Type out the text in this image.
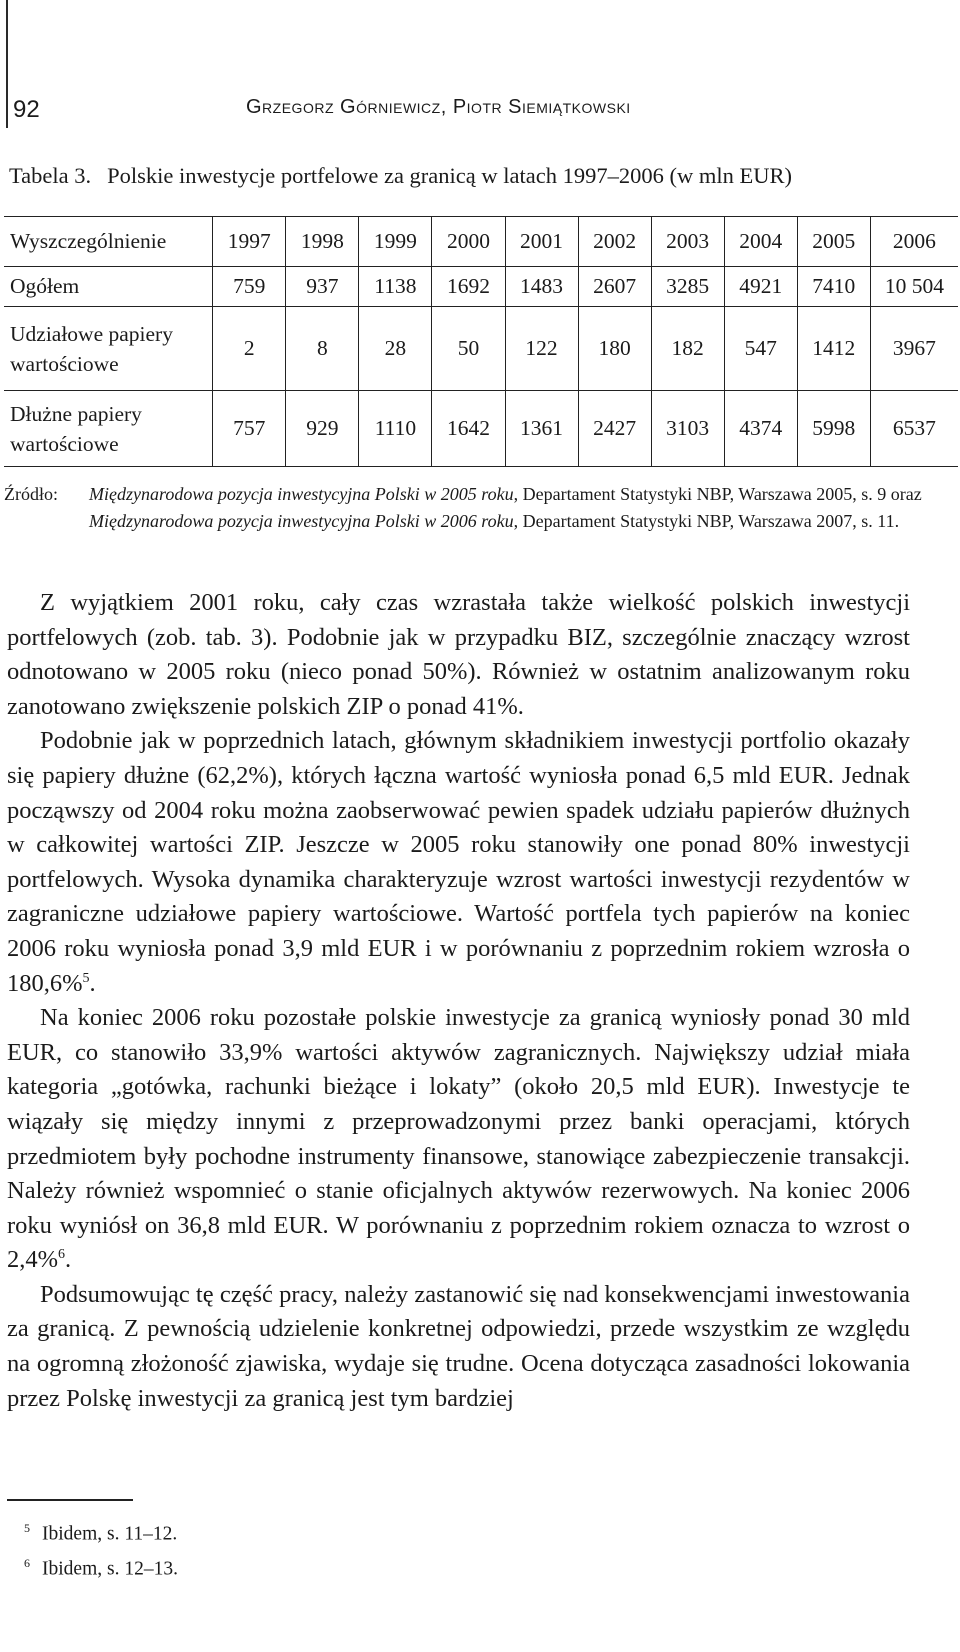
92	Grzegorz Górniewicz, Piotr Siemiątkowski
Tabela 3. Polskie inwestycje portfelowe za granicą w latach 1997–2006 (w mln EUR)
Wyszczególnienie	1997	1998	1999	2000	2001	2002	2003	2004	2005	2006
Ogółem	759	937	1138	1692	1483	2607	3285	4921	7410	10 504
Udziałowe papiery wartościowe	2	8	28	50	122	180	182	547	1412	3967
Dłużne papiery wartościowe	757	929	1110	1642	1361	2427	3103	4374	5998	6537
Źródło: Międzynarodowa pozycja inwestycyjna Polski w 2005 roku, Departament Statystyki NBP, Warszawa 2005, s. 9 oraz Międzynarodowa pozycja inwestycyjna Polski w 2006 roku, Departament Statystyki NBP, Warszawa 2007, s. 11.

Z wyjątkiem 2001 roku, cały czas wzrastała także wielkość polskich inwestycji portfelowych (zob. tab. 3). Podobnie jak w przypadku BIZ, szczególnie znaczący wzrost odnotowano w 2005 roku (nieco ponad 50%). Również w ostatnim analizowanym roku zanotowano zwiększenie polskich ZIP o ponad 41%.

Podobnie jak w poprzednich latach, głównym składnikiem inwestycji portfolio okazały się papiery dłużne (62,2%), których łączna wartość wyniosła ponad 6,5 mld EUR. Jednak począwszy od 2004 roku można zaobserwować pewien spadek udziału papierów dłużnych w całkowitej wartości ZIP. Jeszcze w 2005 roku stanowiły one ponad 80% inwestycji portfelowych. Wysoka dynamika charakteryzuje wzrost wartości inwestycji rezydentów w zagraniczne udziałowe papiery wartościowe. Wartość portfela tych papierów na koniec 2006 roku wyniosła ponad 3,9 mld EUR i w porównaniu z poprzednim rokiem wzrosła o 180,6%$^5$.

Na koniec 2006 roku pozostałe polskie inwestycje za granicą wyniosły ponad 30 mld EUR, co stanowiło 33,9% wartości aktywów zagranicznych. Największy udział miała kategoria „gotówka, rachunki bieżące i lokaty” (około 20,5 mld EUR). Inwestycje te wiązały się między innymi z przeprowadzonymi przez banki operacjami, których przedmiotem były pochodne instrumenty finansowe, stanowiące zabezpieczenie transakcji. Należy również wspomnieć o stanie oficjalnych aktywów rezerwowych. Na koniec 2006 roku wyniósł on 36,8 mld EUR. W porównaniu z poprzednim rokiem oznacza to wzrost o 2,4%$^6$.

Podsumowując tę część pracy, należy zastanowić się nad konsekwencjami inwestowania za granicą. Z pewnością udzielenie konkretnej odpowiedzi, przede wszystkim ze względu na ogromną złożoność zjawiska, wydaje się trudne. Ocena dotycząca zasadności lokowania przez Polskę inwestycji za granicą jest tym bardziej

$^5$ Ibidem, s. 11–12.
$^6$ Ibidem, s. 12–13.
